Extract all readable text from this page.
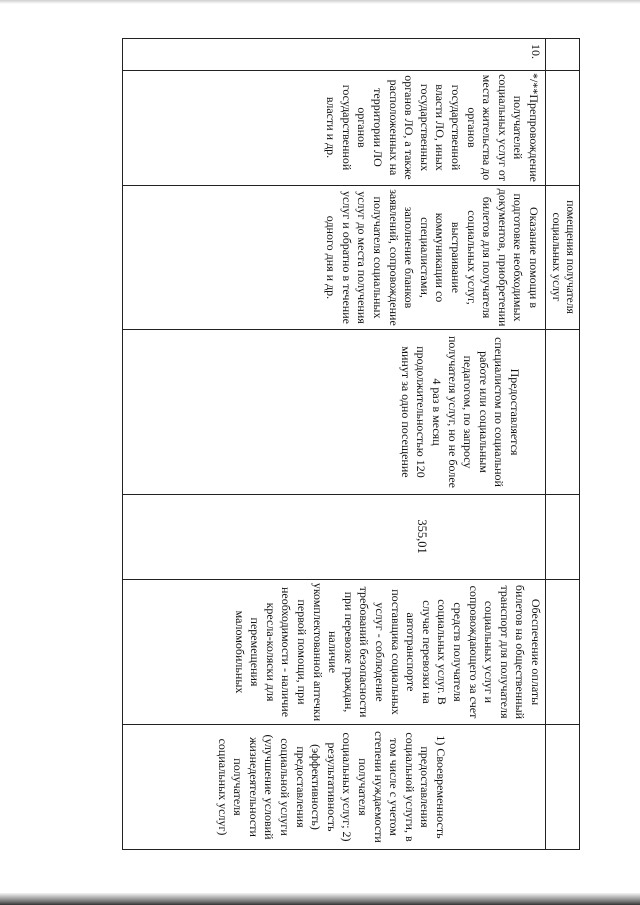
помещения получателя социальных услуг
10.
*/**Препровождение получателей социальных услуг от места жительства до органов государственной власти ЛО, иных государственных органов ЛО, а также расположенных на территории ЛО органов государственной власти и др.
Оказание помощи в подготовке необходимых документов, приобретении билетов для получателя социальных услуг, выстраивание коммуникации со специалистами, заполнение бланков заявлений, сопровождение получателя социальных услуг до места получения услуг и обратно в течение одного дня и др.
Предоставляется специалистом по социальной работе или социальным педагогом, по запросу получателя услуг, но не более 4 раз в месяц продолжительностью 120 минут за одно посещение
355,01
Обеспечение оплаты билетов на общественный транспорт для получателя социальных услуг и сопровождающего за счет средств получателя социальных услуг. В случае перевозки на автотранспорте поставщика социальных услуг - соблюдение требований безопасности при перевозке граждан, наличие укомплектованной аптечки первой помощи, при необходимости - наличие кресла-коляски для перемещения маломобильных
1) Своевременность предоставления социальной услуги, в том числе с учетом степени нуждаемости получателя социальных услуг; 2) результативность (эффективность) предоставления социальной услуги (улучшение условий жизнедеятельности получателя социальных услуг)
